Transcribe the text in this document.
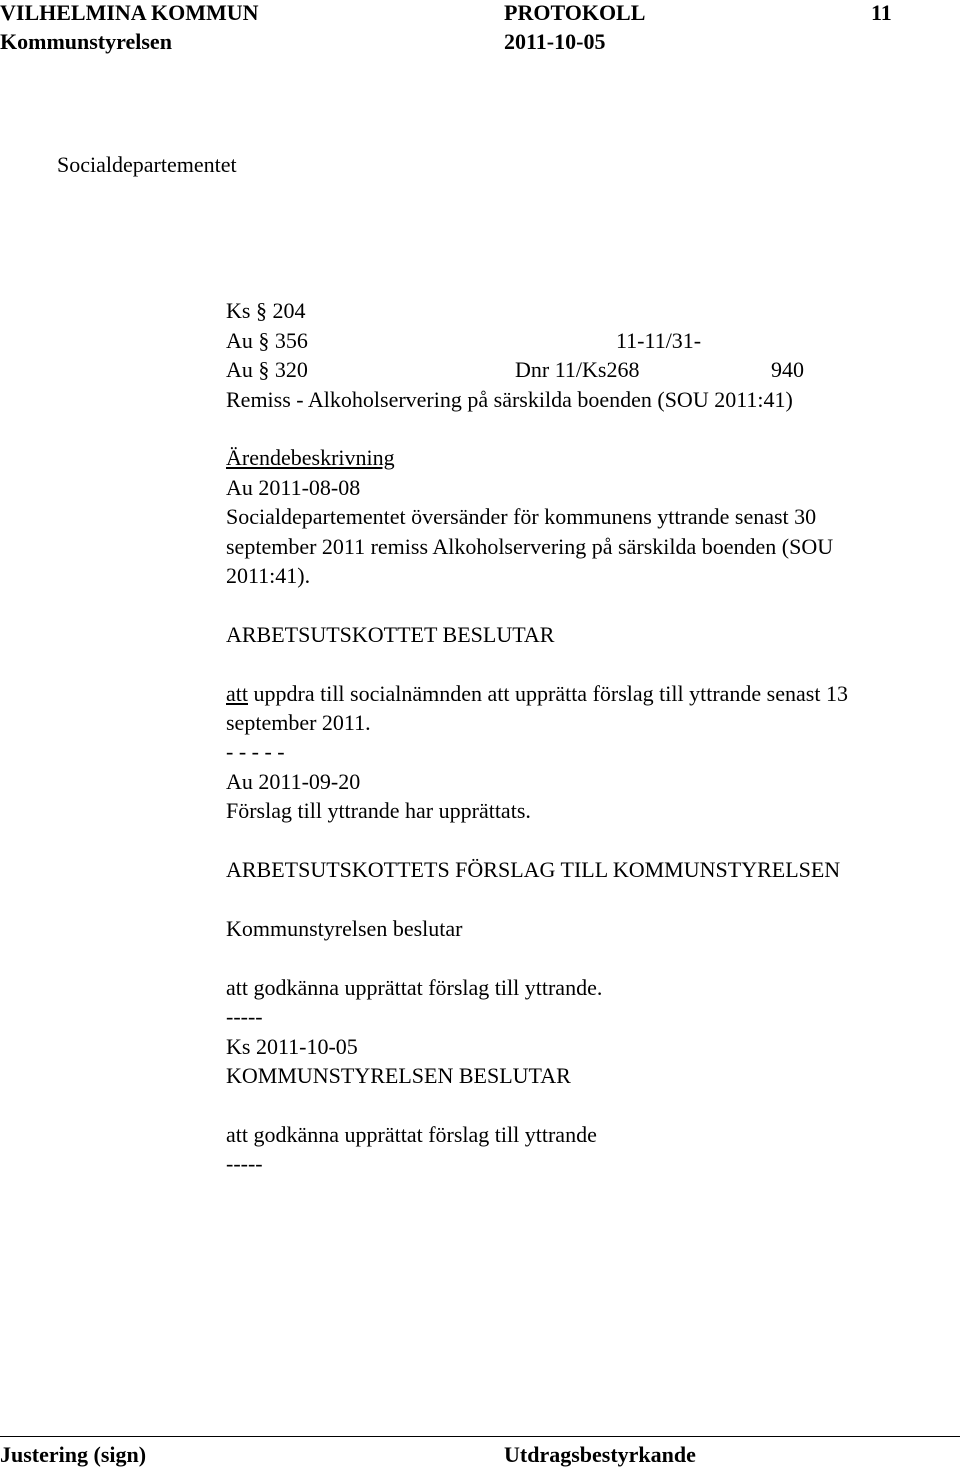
VILHELMINA KOMMUN	PROTOKOLL	11
Kommunstyrelsen	2011-10-05
Socialdepartementet
Ks § 204
Au § 356	11-11/31-
Au § 320	Dnr 11/Ks268	940
Remiss - Alkoholservering på särskilda boenden (SOU 2011:41)
Ärendebeskrivning
Au 2011-08-08
Socialdepartementet översänder för kommunens yttrande senast 30
september 2011 remiss Alkoholservering på särskilda boenden (SOU
2011:41).
ARBETSUTSKOTTET BESLUTAR
att uppdra till socialnämnden att upprätta förslag till yttrande senast 13
september 2011.
- - - - -
Au 2011-09-20
Förslag till yttrande har upprättats.
ARBETSUTSKOTTETS FÖRSLAG TILL KOMMUNSTYRELSEN
Kommunstyrelsen beslutar
att godkänna upprättat förslag till yttrande.
-----
Ks 2011-10-05
KOMMUNSTYRELSEN BESLUTAR
att godkänna upprättat förslag till yttrande
-----
Justering (sign)	Utdragsbestyrkande
